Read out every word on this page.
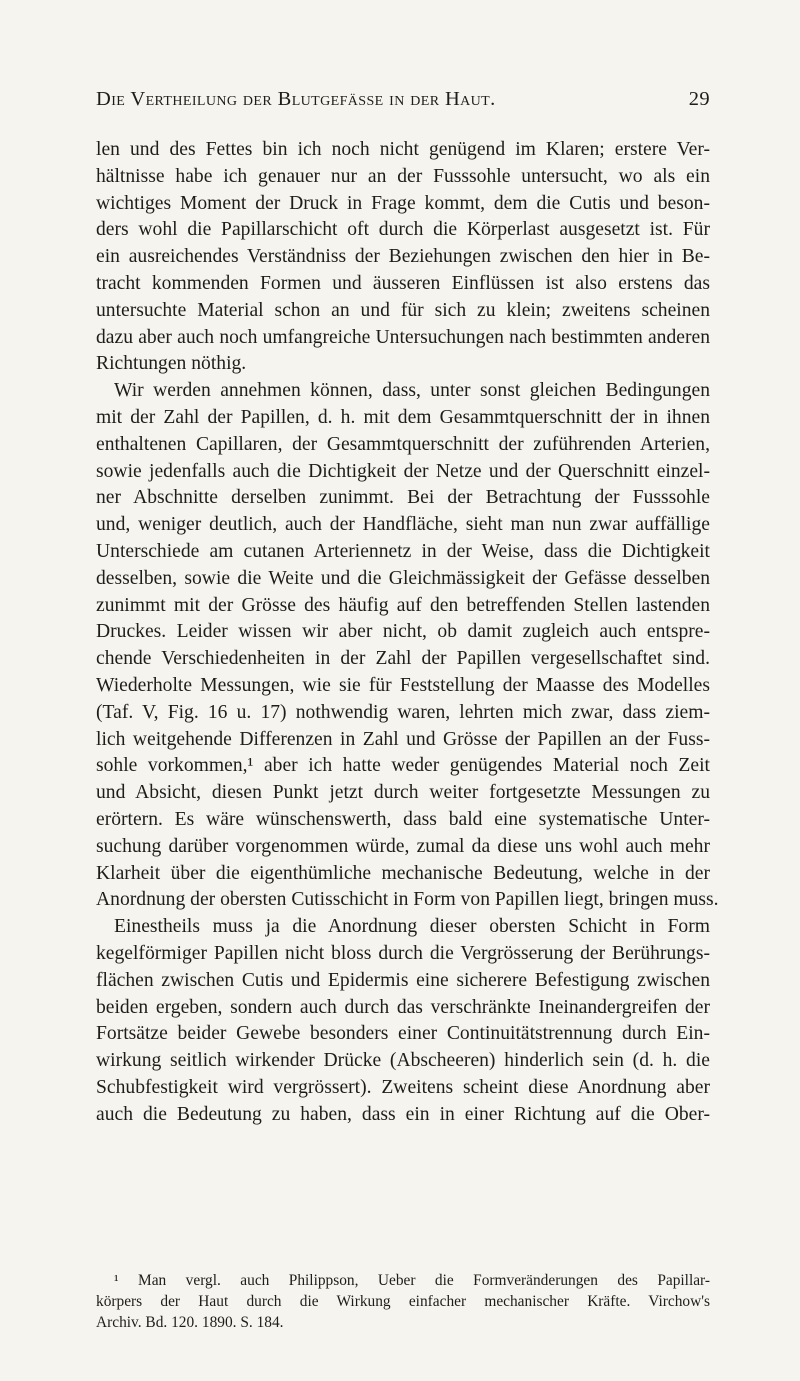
Die Vertheilung der Blutgefässe in der Haut.	29
len und des Fettes bin ich noch nicht genügend im Klaren; erstere Ver-
hältnisse habe ich genauer nur an der Fusssohle untersucht, wo als ein
wichtiges Moment der Druck in Frage kommt, dem die Cutis und beson-
ders wohl die Papillarschicht oft durch die Körperlast ausgesetzt ist. Für
ein ausreichendes Verständniss der Beziehungen zwischen den hier in Be-
tracht kommenden Formen und äusseren Einflüssen ist also erstens das
untersuchte Material schon an und für sich zu klein; zweitens scheinen
dazu aber auch noch umfangreiche Untersuchungen nach bestimmten anderen
Richtungen nöthig.
Wir werden annehmen können, dass, unter sonst gleichen Bedingungen
mit der Zahl der Papillen, d. h. mit dem Gesammtquerschnitt der in ihnen
enthaltenen Capillaren, der Gesammtquerschnitt der zuführenden Arterien,
sowie jedenfalls auch die Dichtigkeit der Netze und der Querschnitt einzel-
ner Abschnitte derselben zunimmt. Bei der Betrachtung der Fusssohle
und, weniger deutlich, auch der Handfläche, sieht man nun zwar auffällige
Unterschiede am cutanen Arteriennetz in der Weise, dass die Dichtigkeit
desselben, sowie die Weite und die Gleichmässigkeit der Gefässe desselben
zunimmt mit der Grösse des häufig auf den betreffenden Stellen lastenden
Druckes. Leider wissen wir aber nicht, ob damit zugleich auch entspre-
chende Verschiedenheiten in der Zahl der Papillen vergesellschaftet sind.
Wiederholte Messungen, wie sie für Feststellung der Maasse des Modelles
(Taf. V, Fig. 16 u. 17) nothwendig waren, lehrten mich zwar, dass ziem-
lich weitgehende Differenzen in Zahl und Grösse der Papillen an der Fuss-
sohle vorkommen,¹ aber ich hatte weder genügendes Material noch Zeit
und Absicht, diesen Punkt jetzt durch weiter fortgesetzte Messungen zu
erörtern. Es wäre wünschenswerth, dass bald eine systematische Unter-
suchung darüber vorgenommen würde, zumal da diese uns wohl auch mehr
Klarheit über die eigenthümliche mechanische Bedeutung, welche in der
Anordnung der obersten Cutisschicht in Form von Papillen liegt, bringen muss.
Einestheils muss ja die Anordnung dieser obersten Schicht in Form
kegelförmiger Papillen nicht bloss durch die Vergrösserung der Berührungs-
flächen zwischen Cutis und Epidermis eine sicherere Befestigung zwischen
beiden ergeben, sondern auch durch das verschränkte Ineinandergreifen der
Fortsätze beider Gewebe besonders einer Continuitätstrennung durch Ein-
wirkung seitlich wirkender Drücke (Abscheeren) hinderlich sein (d. h. die
Schubfestigkeit wird vergrössert). Zweitens scheint diese Anordnung aber
auch die Bedeutung zu haben, dass ein in einer Richtung auf die Ober-
¹ Man vergl. auch Philippson, Ueber die Formveränderungen des Papillar-
körpers der Haut durch die Wirkung einfacher mechanischer Kräfte. Virchow's
Archiv. Bd. 120. 1890. S. 184.
